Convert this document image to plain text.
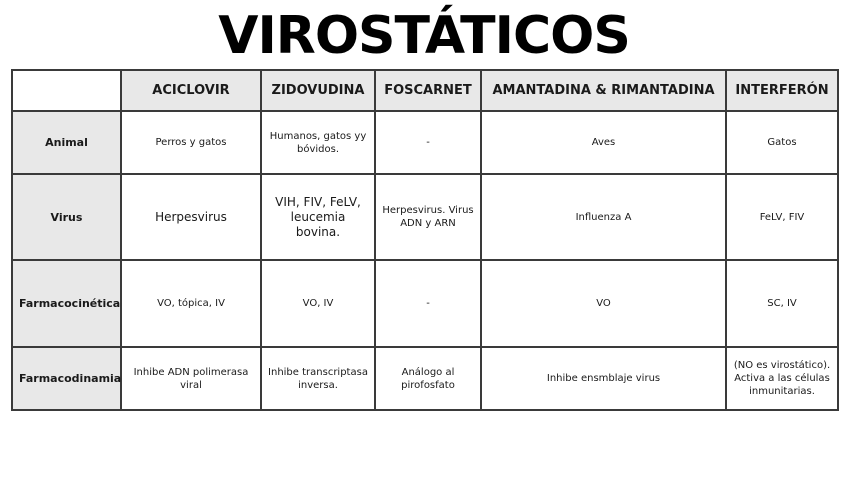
VIROSTÁTICOS
	ACICLOVIR	ZIDOVUDINA	FOSCARNET	AMANTADINA & RIMANTADINA	INTERFERÓN
Animal	Perros y gatos	Humanos, gatos yy bóvidos.	-	Aves	Gatos
Virus	Herpesvirus	VIH, FIV, FeLV, leucemia bovina.	Herpesvirus. Virus ADN y ARN	Influenza A	FeLV, FIV
Farmacocinética	VO, tópica, IV	VO, IV	-	VO	SC, IV
Farmacodinamia	Inhibe ADN polimerasa viral	Inhibe transcriptasa inversa.	Análogo al pirofosfato	Inhibe ensmblaje virus	(NO es virostático). Activa a las células inmunitarias.
